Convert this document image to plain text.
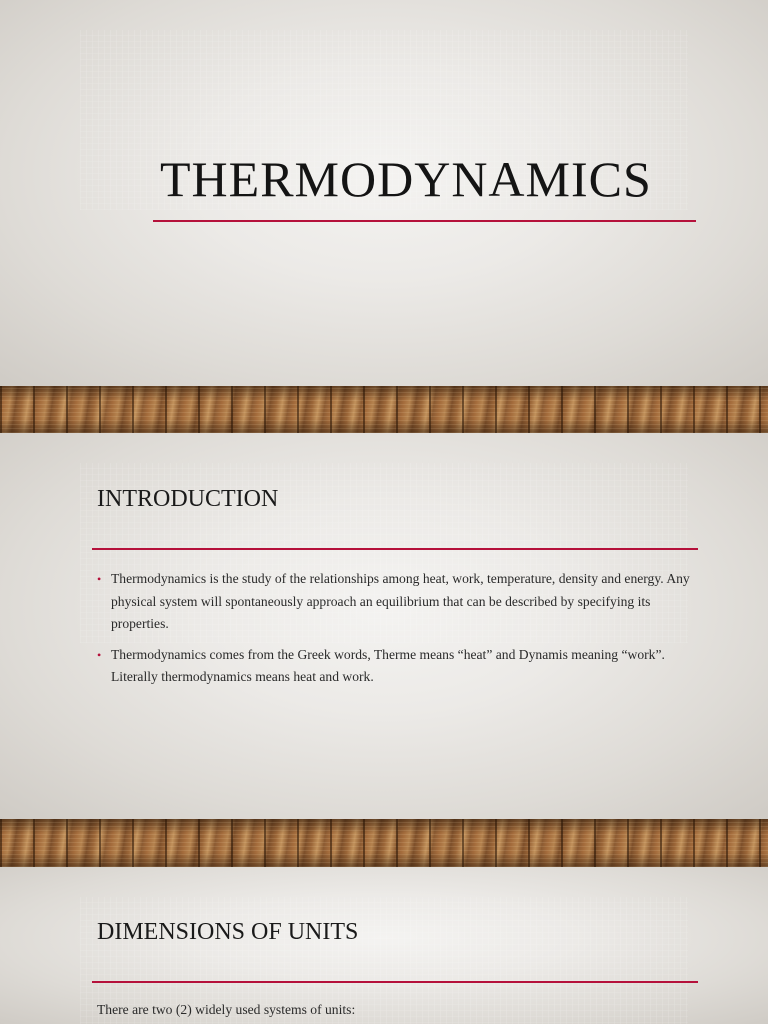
THERMODYNAMICS
INTRODUCTION
• Thermodynamics is the study of the relationships among heat, work, temperature, density and energy. Any physical system will spontaneously approach an equilibrium that can be described by specifying its properties.
• Thermodynamics comes from the Greek words, Therme means “heat” and Dynamis meaning “work”. Literally thermodynamics means heat and work.
DIMENSIONS OF UNITS
There are two (2) widely used systems of units:
